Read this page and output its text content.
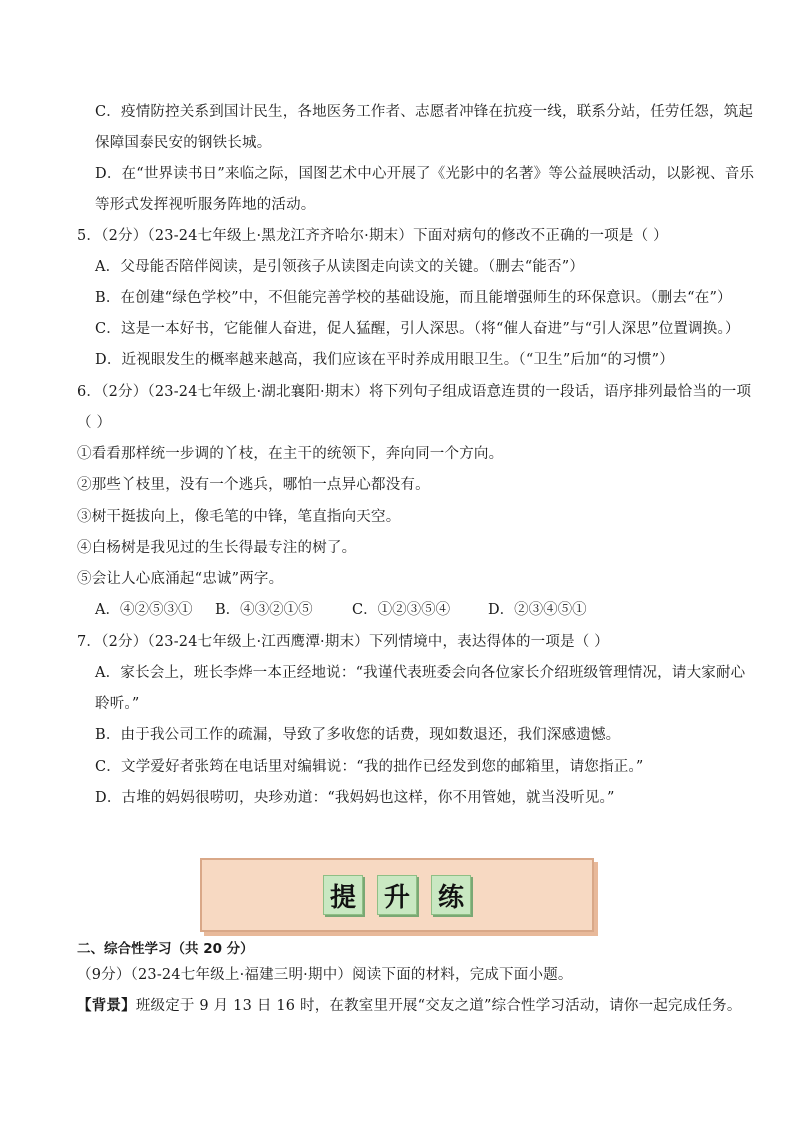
C．疫情防控关系到国计民生，各地医务工作者、志愿者冲锋在抗疫一线，联系分站，任劳任怨，筑起
保障国泰民安的钢铁长城。
D．在“世界读书日”来临之际，国图艺术中心开展了《光影中的名著》等公益展映活动，以影视、音乐
等形式发挥视听服务阵地的活动。
5．（2分）（23-24七年级上·黑龙江齐齐哈尔·期末）下面对病句的修改不正确的一项是（ ）
A．父母能否陪伴阅读，是引领孩子从读图走向读文的关键。（删去“能否”）
B．在创建“绿色学校”中，不但能完善学校的基础设施，而且能增强师生的环保意识。（删去“在”）
C．这是一本好书，它能催人奋进，促人猛醒，引人深思。（将“催人奋进”与“引人深思”位置调换。）
D．近视眼发生的概率越来越高，我们应该在平时养成用眼卫生。（“卫生”后加“的习惯”）
6．（2分）（23-24七年级上·湖北襄阳·期末）将下列句子组成语意连贯的一段话，语序排列最恰当的一项
（ ）
①看看那样统一步调的丫枝，在主干的统领下，奔向同一个方向。
②那些丫枝里，没有一个逃兵，哪怕一点异心都没有。
③树干挺拔向上，像毛笔的中锋，笔直指向天空。
④白杨树是我见过的生长得最专注的树了。
⑤会让人心底涌起“忠诚”两字。
A．④②⑤③① B．④③②①⑤	C．①②③⑤④	D．②③④⑤①
7．（2分）（23-24七年级上·江西鹰潭·期末）下列情境中，表达得体的一项是（ ）
A．家长会上，班长李烨一本正经地说：“我谨代表班委会向各位家长介绍班级管理情况，请大家耐心
聆听。”
B．由于我公司工作的疏漏，导致了多收您的话费，现如数退还，我们深感遗憾。
C．文学爱好者张筠在电话里对编辑说：“我的拙作已经发到您的邮箱里，请您指正。”
D．古堆的妈妈很唠叨，央珍劝道：“我妈妈也这样，你不用管她，就当没听见。”
提 升 练
二、综合性学习（共 20 分）
（9分）（23-24七年级上·福建三明·期中）阅读下面的材料，完成下面小题。
【背景】班级定于 9 月 13 日 16 时，在教室里开展“交友之道”综合性学习活动，请你一起完成任务。
